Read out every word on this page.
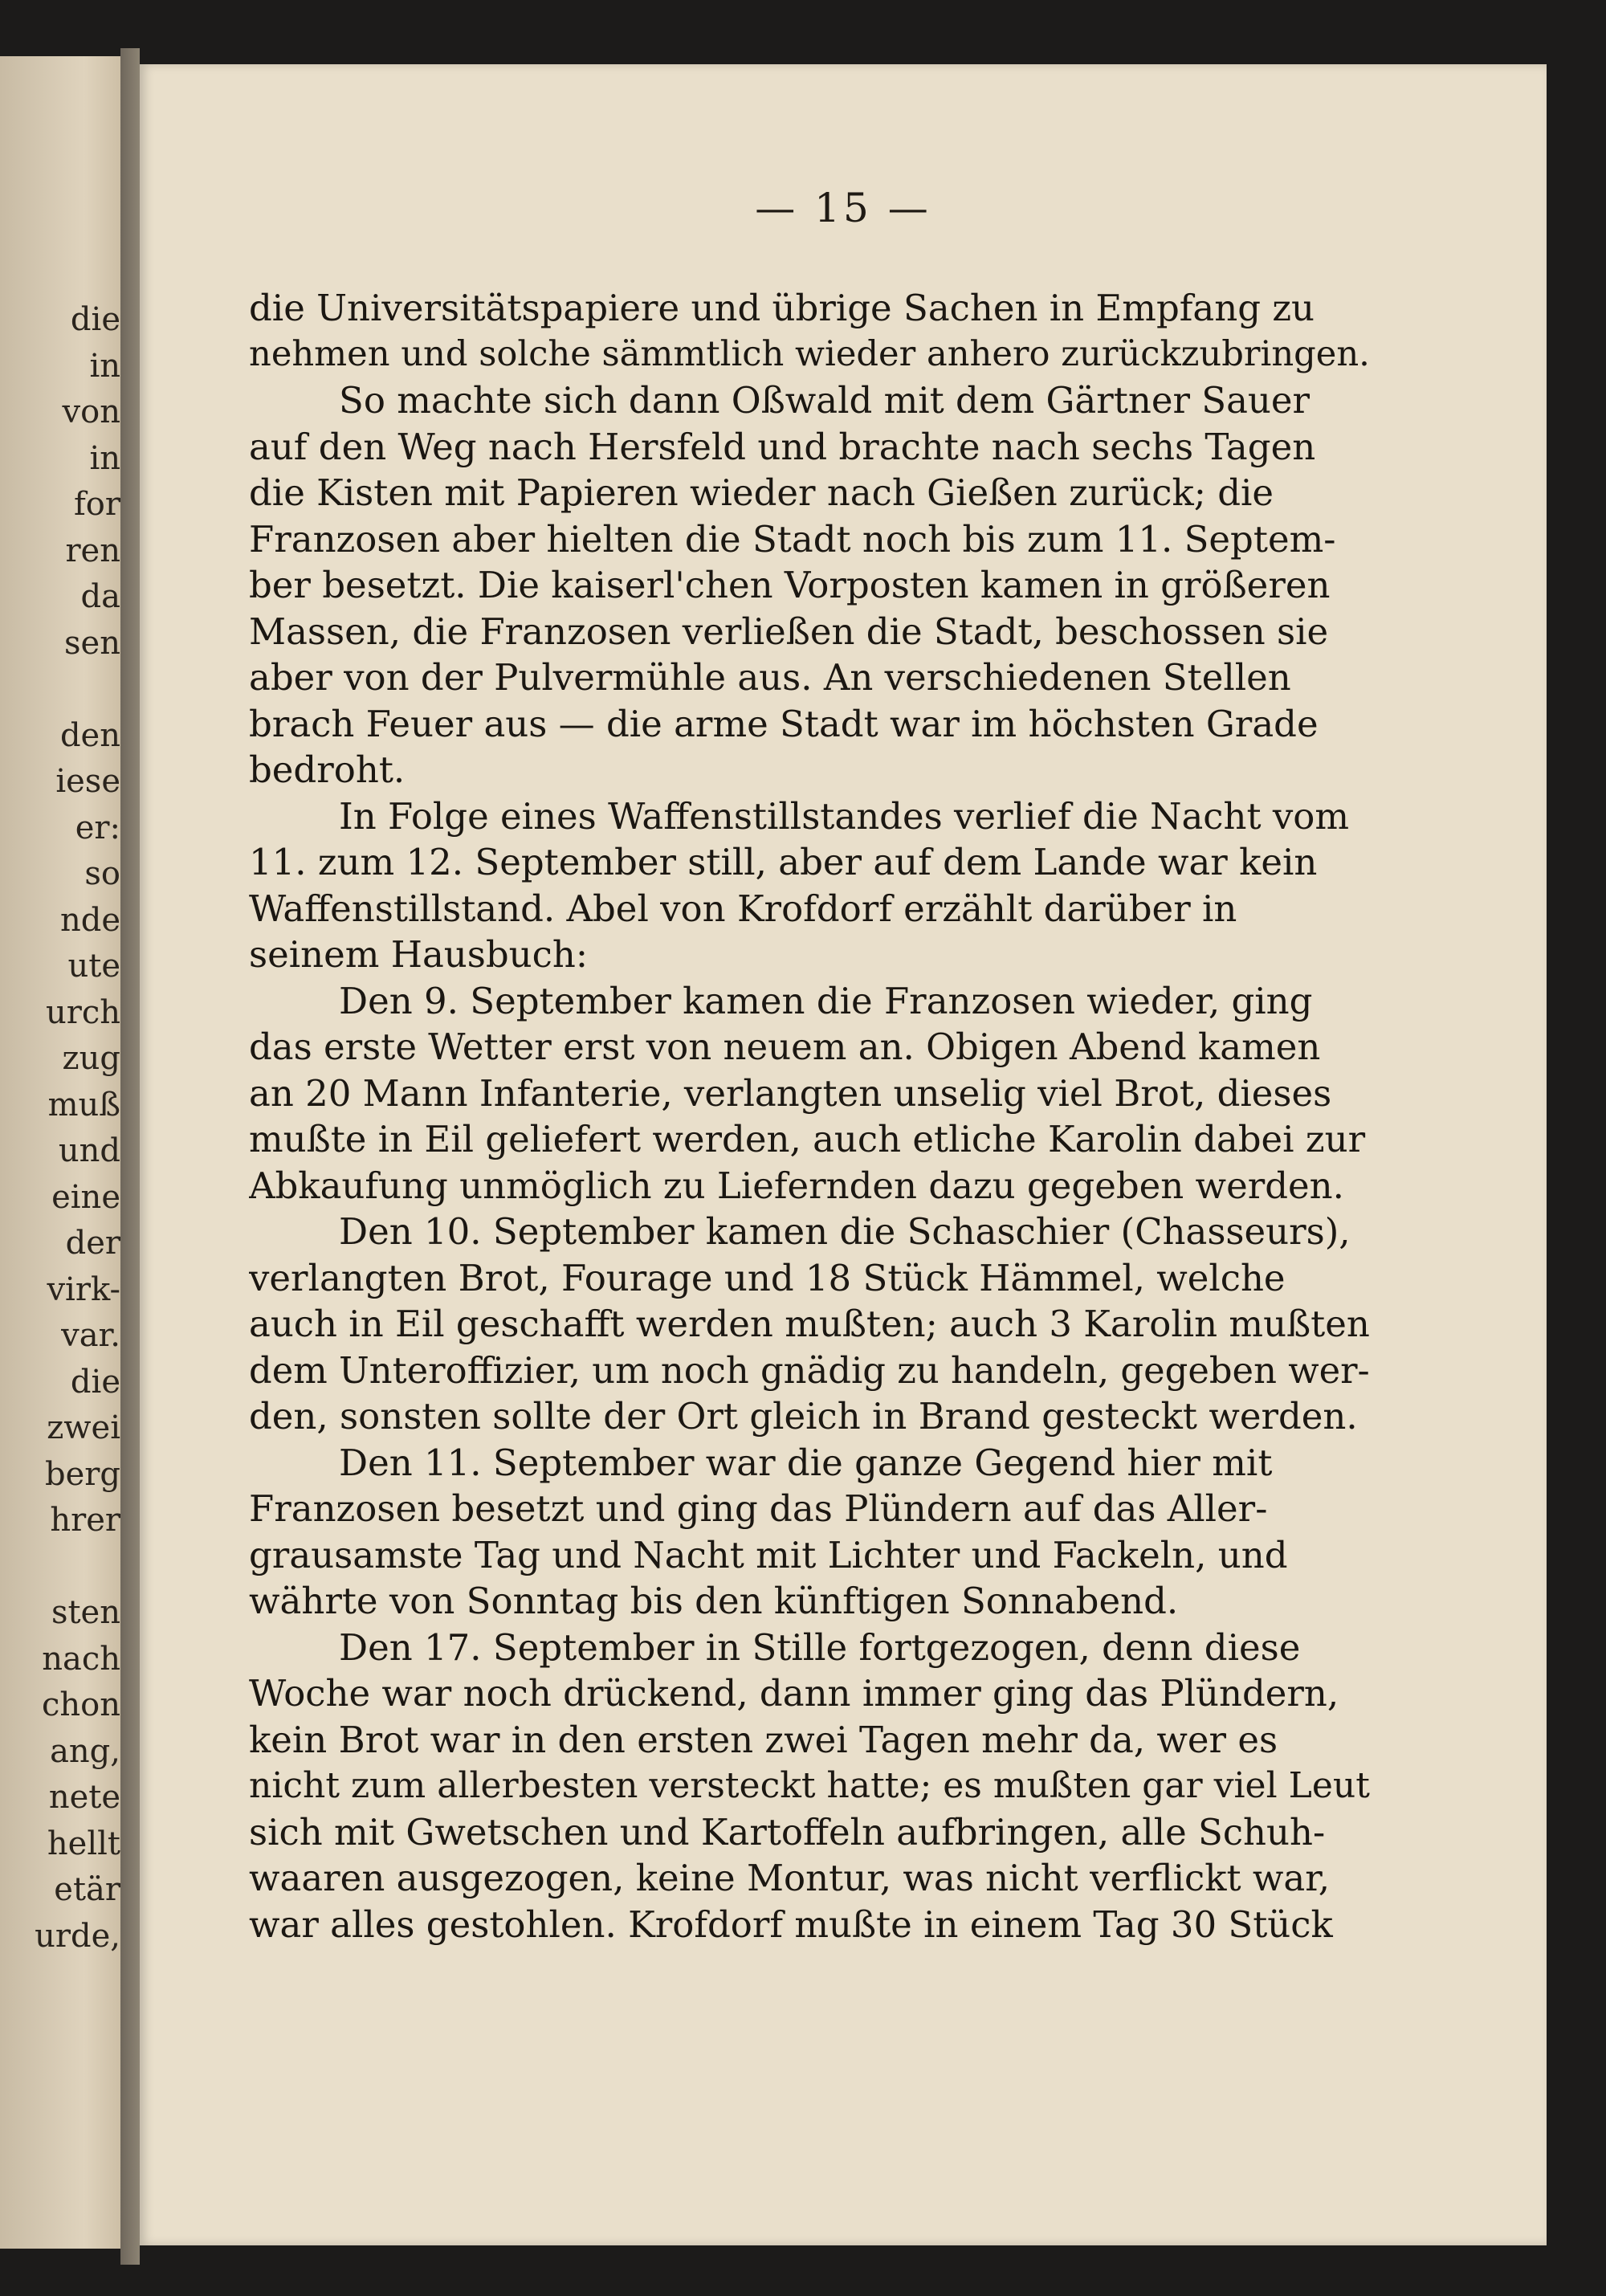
die
in
von
in
for
ren
da
sen
den
iese
er:
so
nde
ute
urch
zug
muß
und
eine
der
virk-
var.
die
zwei
berg
hrer
sten
nach
chon
ang,
nete
hellt
etär
urde,
— 15 —
die Universitätspapiere und übrige Sachen in Empfang zu
nehmen und solche sämmtlich wieder anhero zurückzubringen.
So machte sich dann Oßwald mit dem Gärtner Sauer
auf den Weg nach Hersfeld und brachte nach sechs Tagen
die Kisten mit Papieren wieder nach Gießen zurück; die
Franzosen aber hielten die Stadt noch bis zum 11. Septem-
ber besetzt. Die kaiserl'chen Vorposten kamen in größeren
Massen, die Franzosen verließen die Stadt, beschossen sie
aber von der Pulvermühle aus. An verschiedenen Stellen
brach Feuer aus — die arme Stadt war im höchsten Grade
bedroht.
In Folge eines Waffenstillstandes verlief die Nacht vom
11. zum 12. September still, aber auf dem Lande war kein
Waffenstillstand. Abel von Krofdorf erzählt darüber in
seinem Hausbuch:
Den 9. September kamen die Franzosen wieder, ging
das erste Wetter erst von neuem an. Obigen Abend kamen
an 20 Mann Infanterie, verlangten unselig viel Brot, dieses
mußte in Eil geliefert werden, auch etliche Karolin dabei zur
Abkaufung unmöglich zu Liefernden dazu gegeben werden.
Den 10. September kamen die Schaschier (Chasseurs),
verlangten Brot, Fourage und 18 Stück Hämmel, welche
auch in Eil geschafft werden mußten; auch 3 Karolin mußten
dem Unteroffizier, um noch gnädig zu handeln, gegeben wer-
den, sonsten sollte der Ort gleich in Brand gesteckt werden.
Den 11. September war die ganze Gegend hier mit
Franzosen besetzt und ging das Plündern auf das Aller-
grausamste Tag und Nacht mit Lichter und Fackeln, und
währte von Sonntag bis den künftigen Sonnabend.
Den 17. September in Stille fortgezogen, denn diese
Woche war noch drückend, dann immer ging das Plündern,
kein Brot war in den ersten zwei Tagen mehr da, wer es
nicht zum allerbesten versteckt hatte; es mußten gar viel Leut
sich mit Gwetschen und Kartoffeln aufbringen, alle Schuh-
waaren ausgezogen, keine Montur, was nicht verflickt war,
war alles gestohlen. Krofdorf mußte in einem Tag 30 Stück
